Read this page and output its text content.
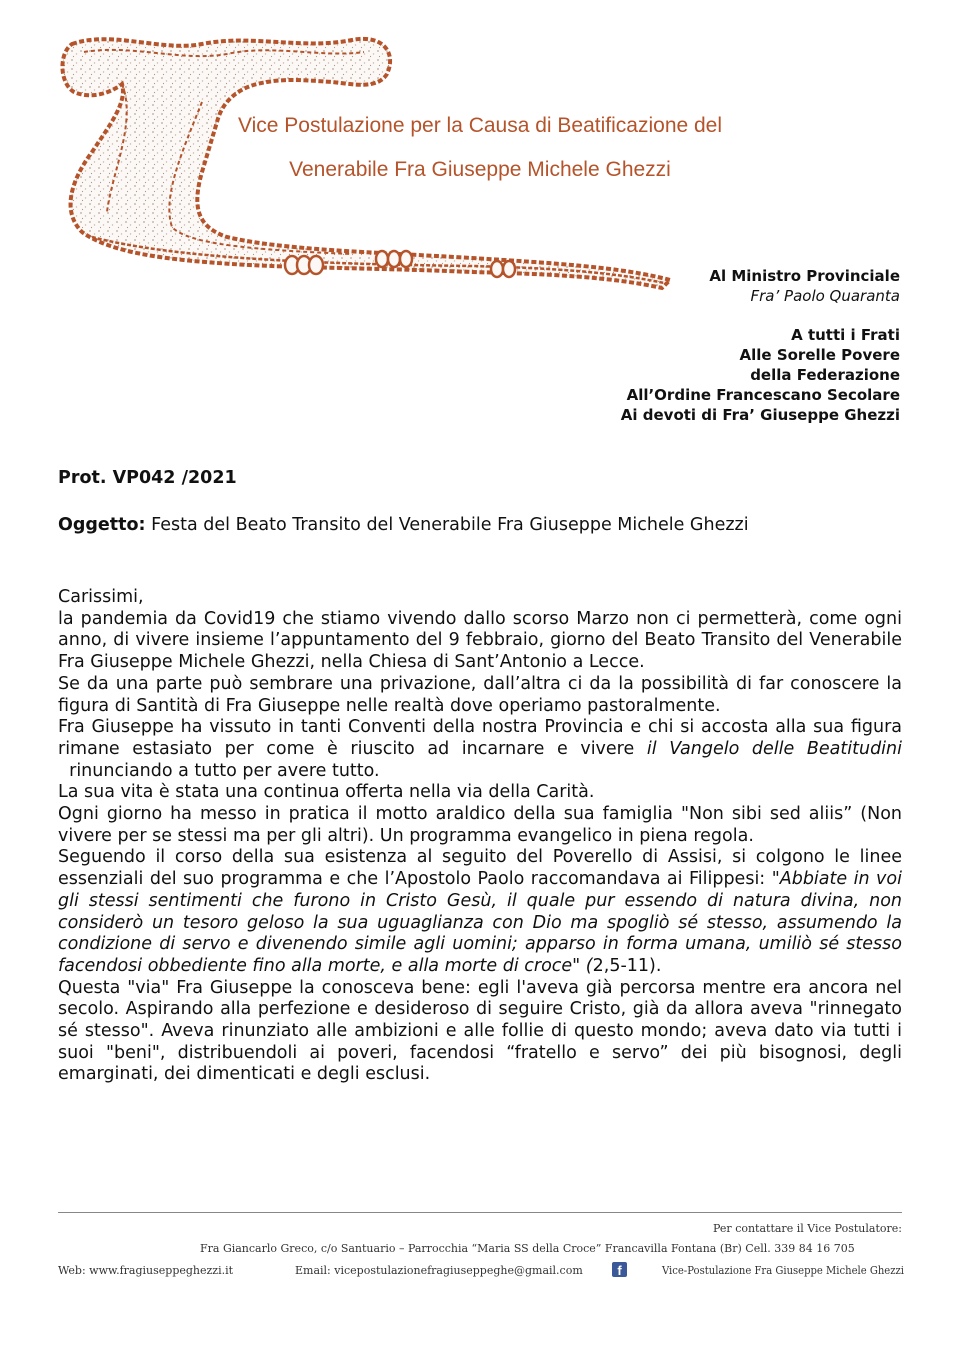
Vice Postulazione per la Causa di Beatificazione del
Venerabile Fra Giuseppe Michele Ghezzi
Al Ministro Provinciale
Fra’ Paolo Quaranta
A tutti i Frati
Alle Sorelle Povere
della Federazione
All’Ordine Francescano Secolare
Ai devoti di Fra’ Giuseppe Ghezzi
Prot. VP042 /2021
Oggetto: Festa del Beato Transito del Venerabile Fra Giuseppe Michele Ghezzi

Carissimi,

la pandemia da Covid19 che stiamo vivendo dallo scorso Marzo non ci permetterà, come ogni anno, di vivere insieme l’appuntamento del 9 febbraio, giorno del Beato Transito del Venerabile Fra Giuseppe Michele Ghezzi, nella Chiesa di Sant’Antonio a Lecce.

Se da una parte può sembrare una privazione, dall’altra ci da la possibilità di far conoscere la figura di Santità di Fra Giuseppe nelle realtà dove operiamo pastoralmente.

Fra Giuseppe ha vissuto in tanti Conventi della nostra Provincia e chi si accosta alla sua figura rimane estasiato per come è riuscito ad incarnare e vivere il Vangelo delle Beatitudini  rinunciando a tutto per avere tutto.

La sua vita è stata una continua offerta nella via della Carità.

Ogni giorno ha messo in pratica il motto araldico della sua famiglia "Non sibi sed aliis” (Non vivere per se stessi ma per gli altri). Un programma evangelico in piena regola.

Seguendo il corso della sua esistenza al seguito del Poverello di Assisi, si colgono le linee essenziali del suo programma e che l’Apostolo Paolo raccomandava ai Filippesi: "Abbiate in voi gli stessi sentimenti che furono in Cristo Gesù, il quale pur essendo di natura divina, non considerò un tesoro geloso la sua uguaglianza con Dio ma spogliò sé stesso, assumendo la condizione di servo e divenendo simile agli uomini; apparso in forma umana, umiliò sé stesso facendosi obbediente fino alla morte, e alla morte di croce" (2,5-11).

Questa "via" Fra Giuseppe la conosceva bene: egli l'aveva già percorsa mentre era ancora nel secolo. Aspirando alla perfezione e desideroso di seguire Cristo, già da allora aveva "rinnegato sé stesso". Aveva rinunziato alle ambizioni e alle follie di questo mondo; aveva dato via tutti i suoi "beni", distribuendoli ai poveri, facendosi “fratello e servo” dei più bisognosi, degli emarginati, dei dimenticati e degli esclusi.

Per contattare il Vice Postulatore:
Fra Giancarlo Greco, c/o Santuario – Parrocchia “Maria SS della Croce” Francavilla Fontana (Br) Cell. 339 84 16 705
Web: www.fragiuseppeghezzi.it	Email: vicepostulazionefragiuseppeghe@gmail.com	f	Vice-Postulazione Fra Giuseppe Michele Ghezzi
